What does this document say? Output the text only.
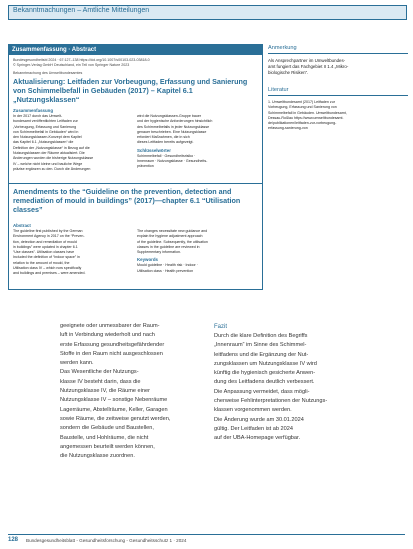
Bekanntmachungen – Amtliche Mitteilungen
Zusammenfassung · Abstract
Bundesgesundheitsbl 2024 · 67:127–138 https://doi.org/10.1007/s00103-023-03818-0
© Springer-Verlag GmbH Deutschland, ein Teil von Springer Nature 2023
Bekanntmachung des Umweltbundesamtes
Aktualisierung: Leitfaden zur Vorbeugung, Erfassung und Sanierung von Schimmelbefall in Gebäuden (2017) – Kapitel 6.1 „Nutzungsklassen“
Zusammenfassung
In der 2017 durch das Umwelt-
bundesamt veröffentlichten Leitfaden zur
„Vorbeugung, Erfassung und Sanierung
von Schimmelbefall in Gebäuden“ wird in
den Nutzungsklassen-Konzept dem Kapitel
das Kapitel 6.1 „Nutzungsklassen“ die
Definition der „Nutzungsklasse“ in Bezug auf die
Nutzungsklassen der Räume aktualisiert. Die
Änderungen wurden die bisherige Nutzungsklasse
IV – welche nicht kleine und bauliche Wege
präzise ergänzen zu den. Durch die Änderungen
wird die Nutzungsklassen-Gruppe bauer
und der hygienische Anforderungen hinsichtlich
des Schimmelbefalls in jeder Nutzungsklasse
genauer beschrieben. Eine Nutzungsklasse
erfordert Maßnahmen, die in sich
dieses Leitfaden bereits aufgezeigt.
Schlüsselwörter
Schimmelbefall · Gesundheitsrisiko ·
Innenraum · Nutzungsklasse · Gesundheits-
prävention
Amendments to the “Guideline on the prevention, detection and remediation of mould in buildings” (2017)—chapter 6.1 “Utilisation classes”
Abstract
The guideline first published by the German
Environment Agency in 2017 on the “Preven-
tion, detection and remediation of mould
in buildings” were updated in chapter 6.1
“Use classes”. Utilisation classes have
Included the definition of “Indoor space” in
relation to the amount of mould, the
Utilisation class IV – which now specifically
and buildings and premises – were amended.
The changes necessitate new guidance and
explain the hygiene adjustment approach
of the guideline. Subsequently, the utilisation
classes in the guideline are reviewed in
Supplementary information.
Keywords
Mould guideline · Health risk · Indoor ·
Utilisation class · Health prevention
Anmerkung
Als Ansprechpartner im Umweltbundes-
amt fungiert das Fachgebiet II 1.4 „Mikro-
biologische Risiken“.
Literatur
1. Umweltbundesamt (2017) Leitfaden zur
Vorbeugung, Erfassung und Sanierung von
Schimmelbefall in Gebäuden. Umweltbundesamt,
Dessau-Roßlau https://www.umweltbundesamt.
de/publikationen/leitfaden-zur-vorbeugung-
erfassung-sanierung-von
geeignete oder unmessbarer der Raum-
luft in Verbindung wiederholt und nach
erste Erfassung gesundheitsgefährdender
Stoffe in den Raum nicht ausgeschlossen
werden kann.
Das Wesentliche der Nutzungs-
klasse IV besteht darin, dass die
Nutzungsklasse IV, die Räume einer
Nutzungsklasse IV – sonstige Nebenräume
Lagerräume, Abstellräume, Keller, Garagen
sowie Räume, die zeitweise genutzt werden,
sondern die Gebäude und Baustellen,
Baustelle, und Hohlräume, die nicht
angemessen beurteilt werden können,
die Nutzungsklasse zuordnen.
Fazit
Durch die klare Definition des Begriffs
„Innenraum“ im Sinne des Schimmel-
leitfadens und die Ergänzung der Nut-
zungsklassen um Nutzungsklasse IV wird
künftig die hygienisch gesicherte Anwen-
dung des Leitfadens deutlich verbessert.
Die Anpassung vermeidet, dass mögli-
cherweise Fehlinterpretationen der Nutzungs-
klassen vorgenommen werden.
Die Änderung wurde am 30.01.2024
gültig. Der Leitfaden ist ab 2024
auf der UBA-Homepage verfügbar.
128 Bundesgesundheitsblatt - Gesundheitsforschung - Gesundheitsschutz 1 · 2024
